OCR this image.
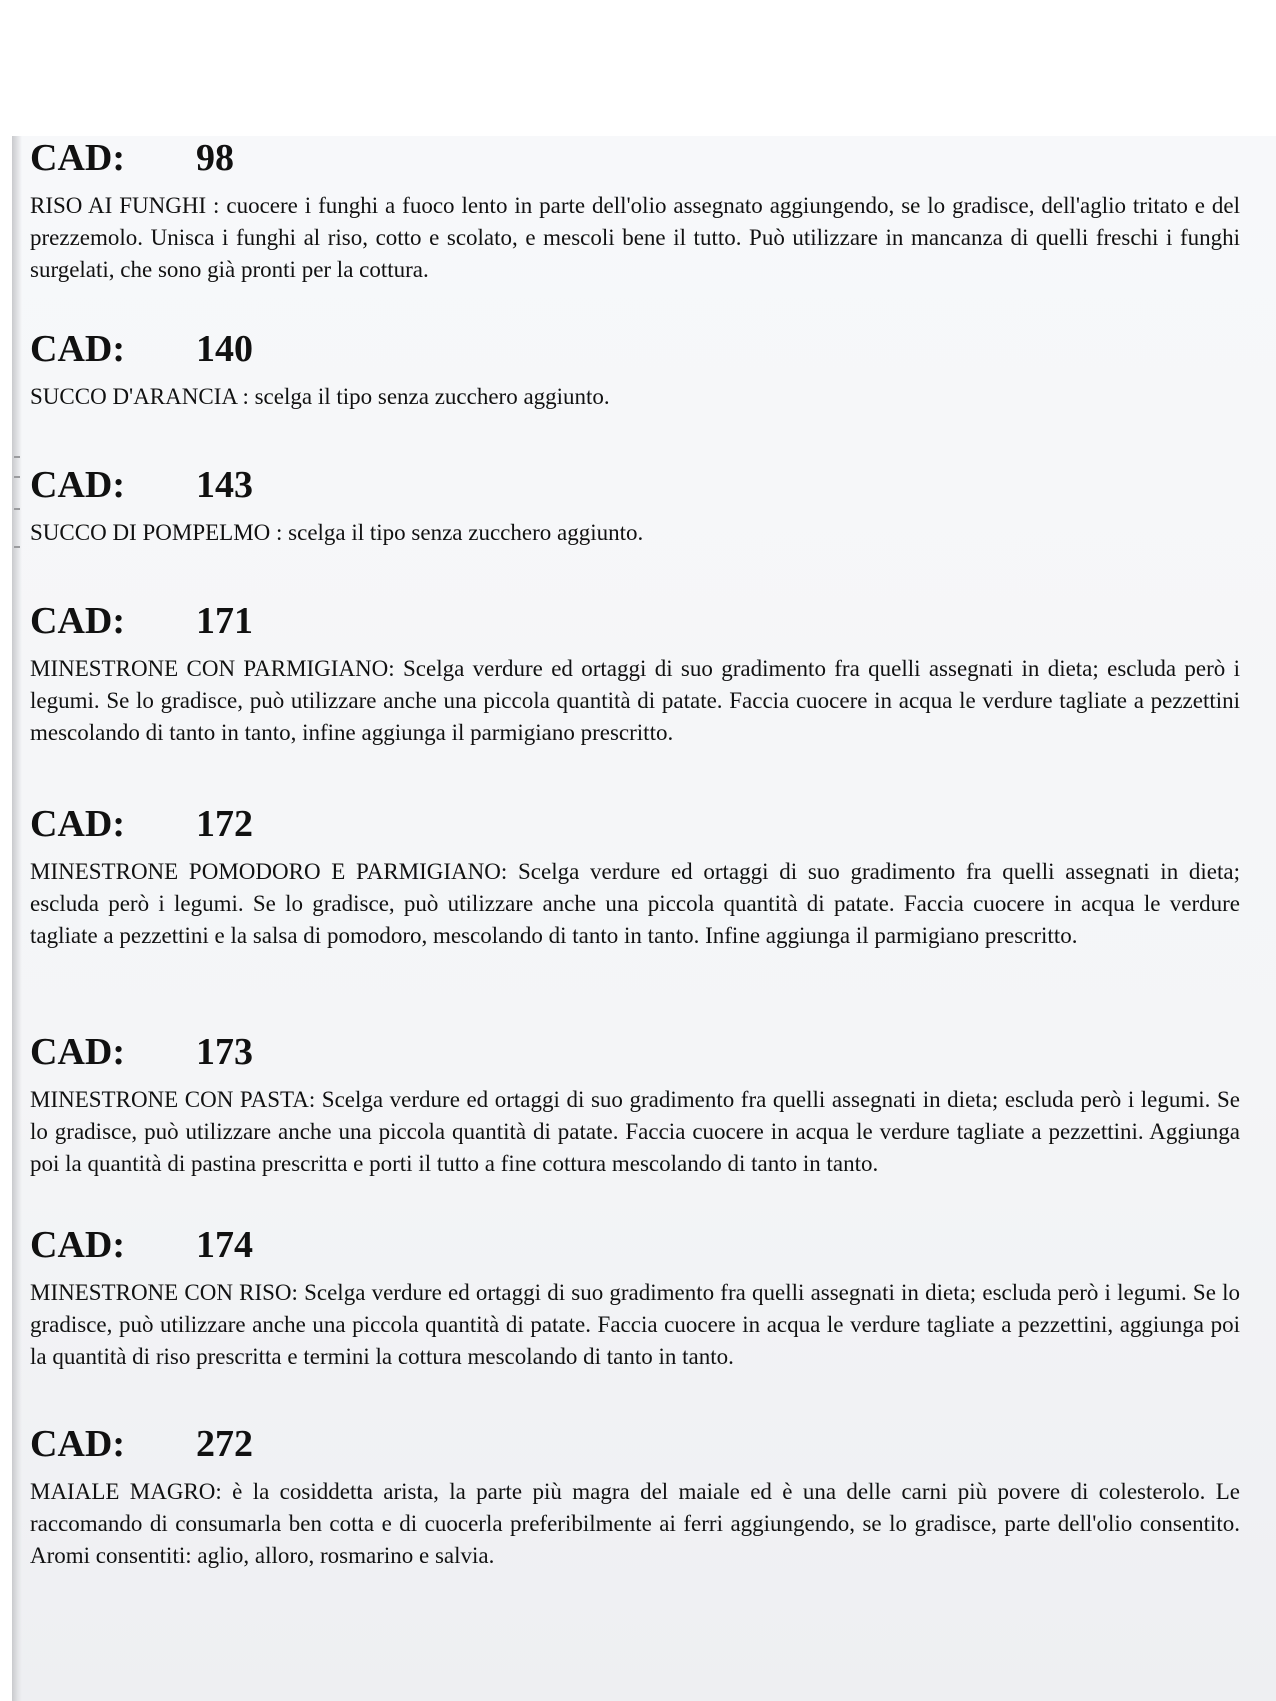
CAD: 98

RISO AI FUNGHI : cuocere i funghi a fuoco lento in parte dell'olio assegnato aggiungendo, se lo gradisce, dell'aglio tritato e del prezzemolo. Unisca i funghi al riso, cotto e scolato, e mescoli bene il tutto. Può utilizzare in mancanza di quelli freschi i funghi surgelati, che sono già pronti per la cottura.

CAD: 140

SUCCO D'ARANCIA : scelga il tipo senza zucchero aggiunto.

CAD: 143

SUCCO DI POMPELMO : scelga il tipo senza zucchero aggiunto.

CAD: 171

MINESTRONE CON PARMIGIANO: Scelga verdure ed ortaggi di suo gradimento fra quelli assegnati in dieta; escluda però i legumi. Se lo gradisce, può utilizzare anche una piccola quantità di patate. Faccia cuocere in acqua le verdure tagliate a pezzettini mescolando di tanto in tanto, infine aggiunga il parmigiano prescritto.

CAD: 172

MINESTRONE POMODORO E PARMIGIANO: Scelga verdure ed ortaggi di suo gradimento fra quelli assegnati in dieta; escluda però i legumi. Se lo gradisce, può utilizzare anche una piccola quantità di patate. Faccia cuocere in acqua le verdure tagliate a pezzettini e la salsa di pomodoro, mescolando di tanto in tanto. Infine aggiunga il parmigiano prescritto.

CAD: 173

MINESTRONE CON PASTA: Scelga verdure ed ortaggi di suo gradimento fra quelli assegnati in dieta; escluda però i legumi. Se lo gradisce, può utilizzare anche una piccola quantità di patate. Faccia cuocere in acqua le verdure tagliate a pezzettini. Aggiunga poi la quantità di pastina prescritta e porti il tutto a fine cottura mescolando di tanto in tanto.

CAD: 174

MINESTRONE CON RISO: Scelga verdure ed ortaggi di suo gradimento fra quelli assegnati in dieta; escluda però i legumi. Se lo gradisce, può utilizzare anche una piccola quantità di patate. Faccia cuocere in acqua le verdure tagliate a pezzettini, aggiunga poi la quantità di riso prescritta e termini la cottura mescolando di tanto in tanto.

CAD: 272

MAIALE MAGRO: è la cosiddetta arista, la parte più magra del maiale ed è una delle carni più povere di colesterolo. Le raccomando di consumarla ben cotta e di cuocerla preferibilmente ai ferri aggiungendo, se lo gradisce, parte dell'olio consentito. Aromi consentiti: aglio, alloro, rosmarino e salvia.
